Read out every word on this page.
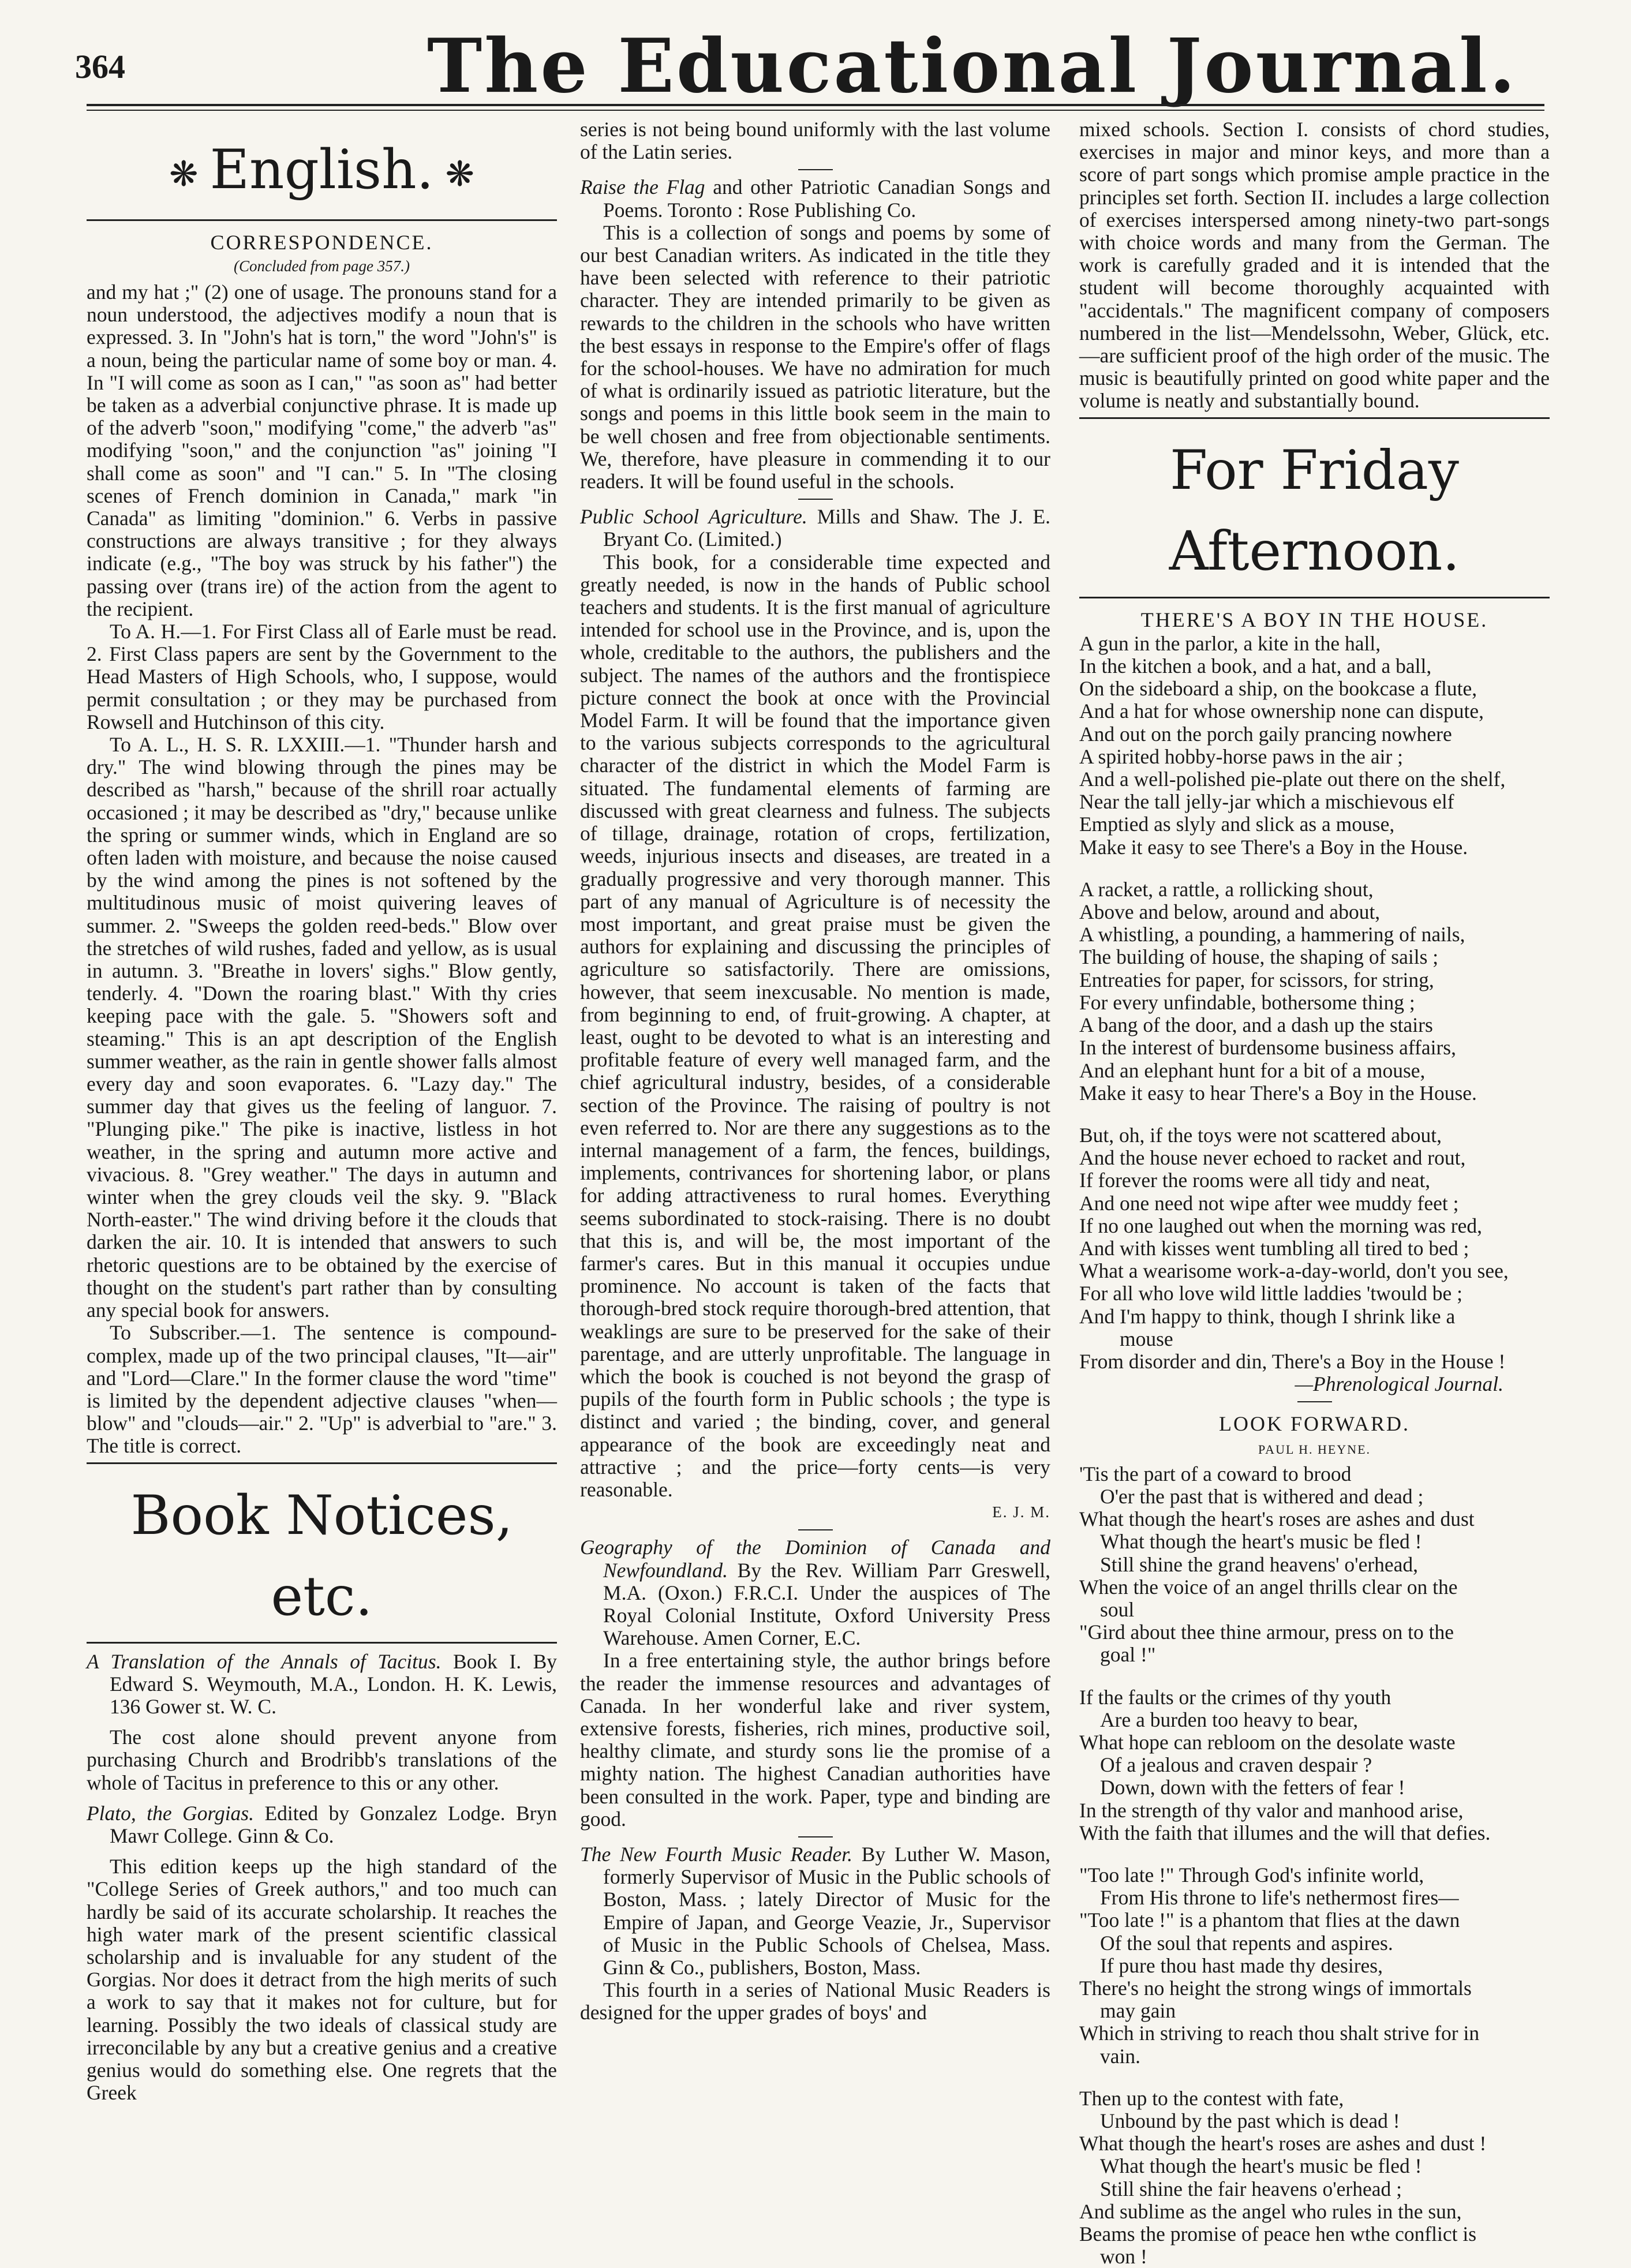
364	The Educational Journal.
❋ English. ❋
CORRESPONDENCE.
(Concluded from page 357.)

and my hat ;" (2) one of usage. The pronouns stand for a noun understood, the adjectives modify a noun that is expressed. 3. In "John's hat is torn," the word "John's" is a noun, being the particular name of some boy or man. 4. In "I will come as soon as I can," "as soon as" had better be taken as a adverbial conjunctive phrase. It is made up of the adverb "soon," modifying "come," the adverb "as" modifying "soon," and the conjunction "as" joining "I shall come as soon" and "I can." 5. In "The closing scenes of French dominion in Canada," mark "in Canada" as limiting "dominion." 6. Verbs in passive constructions are always transitive ; for they always indicate (e.g., "The boy was struck by his father") the passing over (trans ire) of the action from the agent to the recipient.

To A. H.—1. For First Class all of Earle must be read. 2. First Class papers are sent by the Government to the Head Masters of High Schools, who, I suppose, would permit consultation ; or they may be purchased from Rowsell and Hutchinson of this city.

To A. L., H. S. R. LXXIII.—1. "Thunder harsh and dry." The wind blowing through the pines may be described as "harsh," because of the shrill roar actually occasioned ; it may be described as "dry," because unlike the spring or summer winds, which in England are so often laden with moisture, and because the noise caused by the wind among the pines is not softened by the multitudinous music of moist quivering leaves of summer. 2. "Sweeps the golden reed-beds." Blow over the stretches of wild rushes, faded and yellow, as is usual in autumn. 3. "Breathe in lovers' sighs." Blow gently, tenderly. 4. "Down the roaring blast." With thy cries keeping pace with the gale. 5. "Showers soft and steaming." This is an apt description of the English summer weather, as the rain in gentle shower falls almost every day and soon evaporates. 6. "Lazy day." The summer day that gives us the feeling of languor. 7. "Plunging pike." The pike is inactive, listless in hot weather, in the spring and autumn more active and vivacious. 8. "Grey weather." The days in autumn and winter when the grey clouds veil the sky. 9. "Black North-easter." The wind driving before it the clouds that darken the air. 10. It is intended that answers to such rhetoric questions are to be obtained by the exercise of thought on the student's part rather than by consulting any special book for answers.

To Subscriber.—1. The sentence is compound-complex, made up of the two principal clauses, "It—air" and "Lord—Clare." In the former clause the word "time" is limited by the dependent adjective clauses "when—blow" and "clouds—air." 2. "Up" is adverbial to "are." 3. The title is correct.

Book Notices, etc.

A Translation of the Annals of Tacitus. Book I. By Edward S. Weymouth, M.A., London. H. K. Lewis, 136 Gower st. W. C.

The cost alone should prevent anyone from purchasing Church and Brodribb's translations of the whole of Tacitus in preference to this or any other.

Plato, the Gorgias. Edited by Gonzalez Lodge. Bryn Mawr College. Ginn & Co.

This edition keeps up the high standard of the "College Series of Greek authors," and too much can hardly be said of its accurate scholarship. It reaches the high water mark of the present scientific classical scholarship and is invaluable for any student of the Gorgias. Nor does it detract from the high merits of such a work to say that it makes not for culture, but for learning. Possibly the two ideals of classical study are irreconcilable by any but a creative genius and a creative genius would do something else. One regrets that the Greek

series is not being bound uniformly with the last volume of the Latin series.

Raise the Flag and other Patriotic Canadian Songs and Poems. Toronto : Rose Publishing Co.

This is a collection of songs and poems by some of our best Canadian writers. As indicated in the title they have been selected with reference to their patriotic character. They are intended primarily to be given as rewards to the children in the schools who have written the best essays in response to the Empire's offer of flags for the school-houses. We have no admiration for much of what is ordinarily issued as patriotic literature, but the songs and poems in this little book seem in the main to be well chosen and free from objectionable sentiments. We, therefore, have pleasure in commending it to our readers. It will be found useful in the schools.

Public School Agriculture. Mills and Shaw. The J. E. Bryant Co. (Limited.)

This book, for a considerable time expected and greatly needed, is now in the hands of Public school teachers and students. It is the first manual of agriculture intended for school use in the Province, and is, upon the whole, creditable to the authors, the publishers and the subject. The names of the authors and the frontispiece picture connect the book at once with the Provincial Model Farm. It will be found that the importance given to the various subjects corresponds to the agricultural character of the district in which the Model Farm is situated. The fundamental elements of farming are discussed with great clearness and fulness. The subjects of tillage, drainage, rotation of crops, fertilization, weeds, injurious insects and diseases, are treated in a gradually progressive and very thorough manner. This part of any manual of Agriculture is of necessity the most important, and great praise must be given the authors for explaining and discussing the principles of agriculture so satisfactorily. There are omissions, however, that seem inexcusable. No mention is made, from beginning to end, of fruit-growing. A chapter, at least, ought to be devoted to what is an interesting and profitable feature of every well managed farm, and the chief agricultural industry, besides, of a considerable section of the Province. The raising of poultry is not even referred to. Nor are there any suggestions as to the internal management of a farm, the fences, buildings, implements, contrivances for shortening labor, or plans for adding attractiveness to rural homes. Everything seems subordinated to stock-raising. There is no doubt that this is, and will be, the most important of the farmer's cares. But in this manual it occupies undue prominence. No account is taken of the facts that thorough-bred stock require thorough-bred attention, that weaklings are sure to be preserved for the sake of their parentage, and are utterly unprofitable. The language in which the book is couched is not beyond the grasp of pupils of the fourth form in Public schools ; the type is distinct and varied ; the binding, cover, and general appearance of the book are exceedingly neat and attractive ; and the price—forty cents—is very reasonable.

E. J. M.

Geography of the Dominion of Canada and Newfoundland. By the Rev. William Parr Greswell, M.A. (Oxon.) F.R.C.I. Under the auspices of The Royal Colonial Institute, Oxford University Press Warehouse. Amen Corner, E.C.

In a free entertaining style, the author brings before the reader the immense resources and advantages of Canada. In her wonderful lake and river system, extensive forests, fisheries, rich mines, productive soil, healthy climate, and sturdy sons lie the promise of a mighty nation. The highest Canadian authorities have been consulted in the work. Paper, type and binding are good.

The New Fourth Music Reader. By Luther W. Mason, formerly Supervisor of Music in the Public schools of Boston, Mass. ; lately Director of Music for the Empire of Japan, and George Veazie, Jr., Supervisor of Music in the Public Schools of Chelsea, Mass. Ginn & Co., publishers, Boston, Mass.

This fourth in a series of National Music Readers is designed for the upper grades of boys' and

mixed schools. Section I. consists of chord studies, exercises in major and minor keys, and more than a score of part songs which promise ample practice in the principles set forth. Section II. includes a large collection of exercises interspersed among ninety-two part-songs with choice words and many from the German. The work is carefully graded and it is intended that the student will become thoroughly acquainted with "accidentals." The magnificent company of composers numbered in the list—Mendelssohn, Weber, Glück, etc.—are sufficient proof of the high order of the music. The music is beautifully printed on good white paper and the volume is neatly and substantially bound.

For Friday Afternoon.
THERE'S A BOY IN THE HOUSE.
A gun in the parlor, a kite in the hall,
In the kitchen a book, and a hat, and a ball,
On the sideboard a ship, on the bookcase a flute,
And a hat for whose ownership none can dispute,
And out on the porch gaily prancing nowhere
A spirited hobby-horse paws in the air ;
And a well-polished pie-plate out there on the shelf,
Near the tall jelly-jar which a mischievous elf
Emptied as slyly and slick as a mouse,
Make it easy to see There's a Boy in the House.
A racket, a rattle, a rollicking shout,
Above and below, around and about,
A whistling, a pounding, a hammering of nails,
The building of house, the shaping of sails ;
Entreaties for paper, for scissors, for string,
For every unfindable, bothersome thing ;
A bang of the door, and a dash up the stairs
In the interest of burdensome business affairs,
And an elephant hunt for a bit of a mouse,
Make it easy to hear There's a Boy in the House.
But, oh, if the toys were not scattered about,
And the house never echoed to racket and rout,
If forever the rooms were all tidy and neat,
And one need not wipe after wee muddy feet ;
If no one laughed out when the morning was red,
And with kisses went tumbling all tired to bed ;
What a wearisome work-a-day-world, don't you see,
For all who love wild little laddies 'twould be ;
And I'm happy to think, though I shrink like a
mouse
From disorder and din, There's a Boy in the House !
—Phrenological Journal.
LOOK FORWARD.
PAUL H. HEYNE.
'Tis the part of a coward to brood
O'er the past that is withered and dead ;
What though the heart's roses are ashes and dust
What though the heart's music be fled !
Still shine the grand heavens' o'erhead,
When the voice of an angel thrills clear on the
soul
"Gird about thee thine armour, press on to the
goal !"
If the faults or the crimes of thy youth
Are a burden too heavy to bear,
What hope can rebloom on the desolate waste
Of a jealous and craven despair ?
Down, down with the fetters of fear !
In the strength of thy valor and manhood arise,
With the faith that illumes and the will that defies.
"Too late !" Through God's infinite world,
From His throne to life's nethermost fires—
"Too late !" is a phantom that flies at the dawn
Of the soul that repents and aspires.
If pure thou hast made thy desires,
There's no height the strong wings of immortals
may gain
Which in striving to reach thou shalt strive for in
vain.
Then up to the contest with fate,
Unbound by the past which is dead !
What though the heart's roses are ashes and dust !
What though the heart's music be fled !
Still shine the fair heavens o'erhead ;
And sublime as the angel who rules in the sun,
Beams the promise of peace hen wthe conflict is
won !
